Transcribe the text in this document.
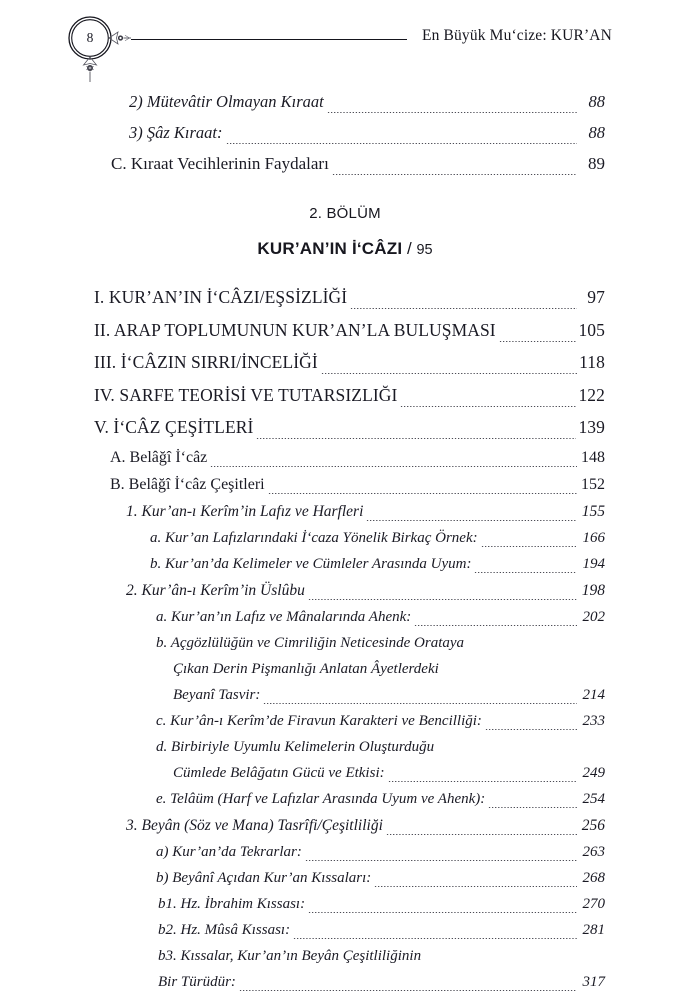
8	En Büyük Mu‘cize: KUR’AN
2) Mütevâtir Olmayan Kıraat	88
3) Şâz Kıraat:	88
C. Kıraat Vecihlerinin Faydaları	89
2. BÖLÜM
KUR’AN’IN İ‘CÂZI / 95
I. KUR’AN’IN İ‘CÂZI/EŞSİZLİĞİ	97
II. ARAP TOPLUMUNUN KUR’AN’LA BULUŞMASI	105
III. İ‘CÂZIN SIRRI/İNCELİĞİ	118
IV. SARFE TEORİSİ VE TUTARSIZLIĞI	122
V. İ‘CÂZ ÇEŞİTLERİ	139
A. Belâğî İ‘câz	148
B. Belâğî İ‘câz Çeşitleri	152
1. Kur’an-ı Kerîm’in Lafız ve Harfleri	155
a. Kur’an Lafızlarındaki İ‘caza Yönelik Birkaç Örnek:	166
b. Kur’an’da Kelimeler ve Cümleler Arasında Uyum:	194
2. Kur’ân-ı Kerîm’in Üslûbu	198
a. Kur’an’ın Lafız ve Mânalarında Ahenk:	202
b. Açgözlülüğün ve Cimriliğin Neticesinde Orataya
Çıkan Derin Pişmanlığı Anlatan Âyetlerdeki
Beyanî Tasvir:	214
c. Kur’ân-ı Kerîm’de Firavun Karakteri ve Bencilliği:	233
d. Birbiriyle Uyumlu Kelimelerin Oluşturduğu
Cümlede Belâğatın Gücü ve Etkisi:	249
e. Telâüm (Harf ve Lafızlar Arasında Uyum ve Ahenk):	254
3. Beyân (Söz ve Mana) Tasrîfi/Çeşitliliği	256
a) Kur’an’da Tekrarlar:	263
b) Beyânî Açıdan Kur’an Kıssaları:	268
b1. Hz. İbrahim Kıssası:	270
b2. Hz. Mûsâ Kıssası:	281
b3. Kıssalar, Kur’an’ın Beyân Çeşitliliğinin
Bir Türüdür:	317
